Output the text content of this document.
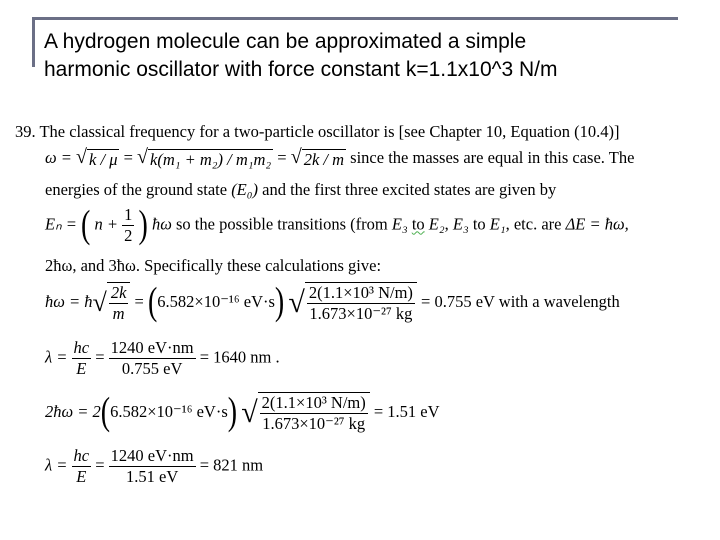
A hydrogen molecule can be approximated a simple
harmonic oscillator with force constant k=1.1x10^3 N/m
39. The classical frequency for a two-particle oscillator is [see Chapter 10, Equation (10.4)]
ω = √ k / μ = √ k(m₁ + m₂) / m₁m₂ = √ 2k / m since the masses are equal in this case. The
energies of the ground state (E₀) and the first three excited states are given by
Eₙ = ( $n + \frac{1}{2}$ ) ħω so the possible transitions (from E₃ to E₂, E₃ to E₁, etc. are ΔE = ħω,
2ħω, and 3ħω. Specifically these calculations give:
ħω = ħ√ $\frac{2k}{m} = (6.582\times 10^{-16}$ eV·s) √ $\frac{\text{2(1.1×10³ N/m)}}{\text{1.673×10⁻²⁷ kg}} = 0.755$ eV with a wavelength
$\lambda = \frac{hc}{E} = \frac{1240 eV\cdot nm}{0.755 eV} = 1640$ nm .
2ħω = 2(6.582×10⁻¹⁶ eV·s) √ $\frac{\text{2(1.1×10³ N/m)}}{\text{1.673×10⁻²⁷ kg}} = 1.51$ eV
$\lambda = \frac{hc}{E} = \frac{1240 eV\cdot nm}{1.51 eV} = 821$ nm
